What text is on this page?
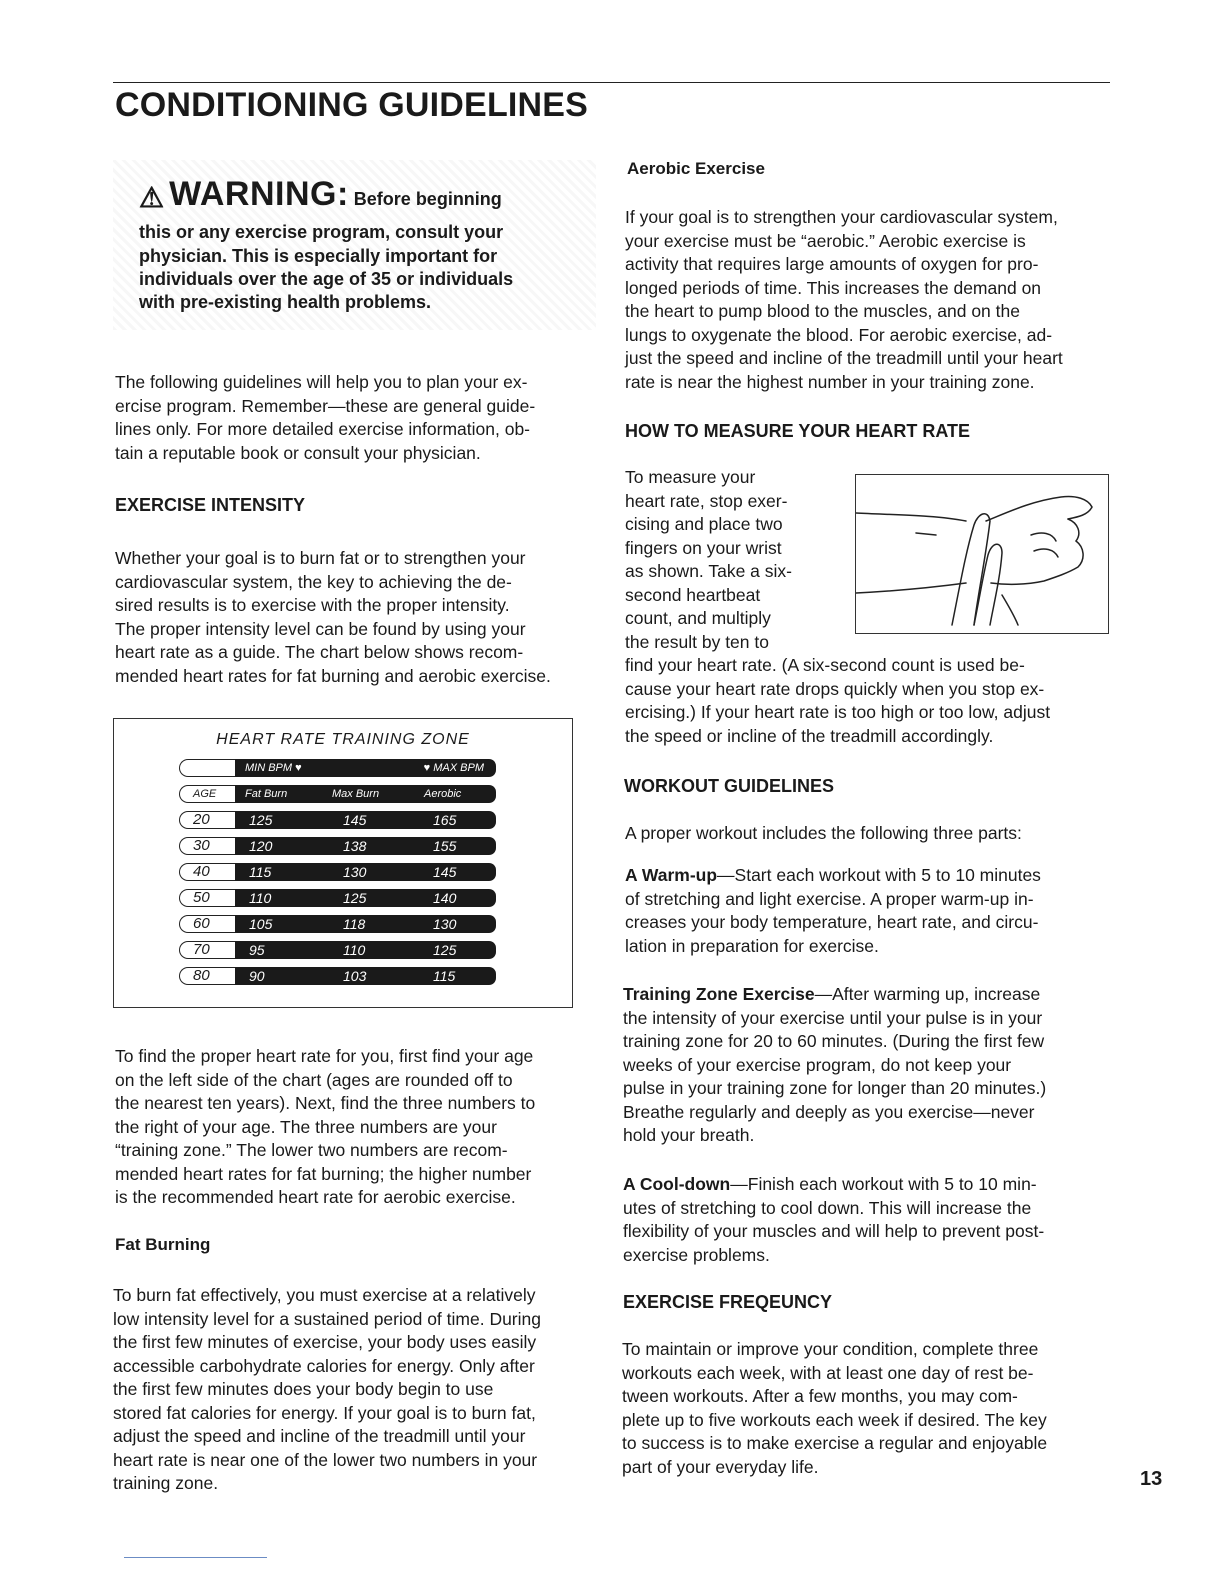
CONDITIONING GUIDELINES
⚠ WARNING: Before beginning
this or any exercise program, consult your
physician. This is especially important for
individuals over the age of 35 or individuals
with pre-existing health problems.

The following guidelines will help you to plan your ex-

ercise program. Remember—these are general guide-

lines only. For more detailed exercise information, ob-

tain a reputable book or consult your physician.

EXERCISE INTENSITY

Whether your goal is to burn fat or to strengthen your

cardiovascular system, the key to achieving the de-

sired results is to exercise with the proper intensity.

The proper intensity level can be found by using your

heart rate as a guide. The chart below shows recom-

mended heart rates for fat burning and aerobic exercise.

HEART RATE TRAINING ZONE
MIN BPM ♥	♥ MAX BPM
AGE	Fat Burn	Max Burn	Aerobic
20	125	145	165
30	120	138	155
40	115	130	145
50	110	125	140
60	105	118	130
70	95	110	125
80	90	103	115

To find the proper heart rate for you, first find your age

on the left side of the chart (ages are rounded off to

the nearest ten years). Next, find the three numbers to

the right of your age. The three numbers are your

“training zone.” The lower two numbers are recom-

mended heart rates for fat burning; the higher number

is the recommended heart rate for aerobic exercise.

Fat Burning

To burn fat effectively, you must exercise at a relatively

low intensity level for a sustained period of time. During

the first few minutes of exercise, your body uses easily

accessible carbohydrate calories for energy. Only after

the first few minutes does your body begin to use

stored fat calories for energy. If your goal is to burn fat,

adjust the speed and incline of the treadmill until your

heart rate is near one of the lower two numbers in your

training zone.

Aerobic Exercise

If your goal is to strengthen your cardiovascular system,

your exercise must be “aerobic.” Aerobic exercise is

activity that requires large amounts of oxygen for pro-

longed periods of time. This increases the demand on

the heart to pump blood to the muscles, and on the

lungs to oxygenate the blood. For aerobic exercise, ad-

just the speed and incline of the treadmill until your heart

rate is near the highest number in your training zone.

HOW TO MEASURE YOUR HEART RATE

To measure your

heart rate, stop exer-

cising and place two

fingers on your wrist

as shown. Take a six-

second heartbeat

count, and multiply

the result by ten to

find your heart rate. (A six-second count is used be-

cause your heart rate drops quickly when you stop ex-

ercising.) If your heart rate is too high or too low, adjust

the speed or incline of the treadmill accordingly.

WORKOUT GUIDELINES
A proper workout includes the following three parts:

A Warm-up—Start each workout with 5 to 10 minutes

of stretching and light exercise. A proper warm-up in-

creases your body temperature, heart rate, and circu-

lation in preparation for exercise.

Training Zone Exercise—After warming up, increase

the intensity of your exercise until your pulse is in your

training zone for 20 to 60 minutes. (During the first few

weeks of your exercise program, do not keep your

pulse in your training zone for longer than 20 minutes.)

Breathe regularly and deeply as you exercise—never

hold your breath.

A Cool-down—Finish each workout with 5 to 10 min-

utes of stretching to cool down. This will increase the

flexibility of your muscles and will help to prevent post-

exercise problems.

EXERCISE FREQEUNCY

To maintain or improve your condition, complete three

workouts each week, with at least one day of rest be-

tween workouts. After a few months, you may com-

plete up to five workouts each week if desired. The key

to success is to make exercise a regular and enjoyable

part of your everyday life.

13
